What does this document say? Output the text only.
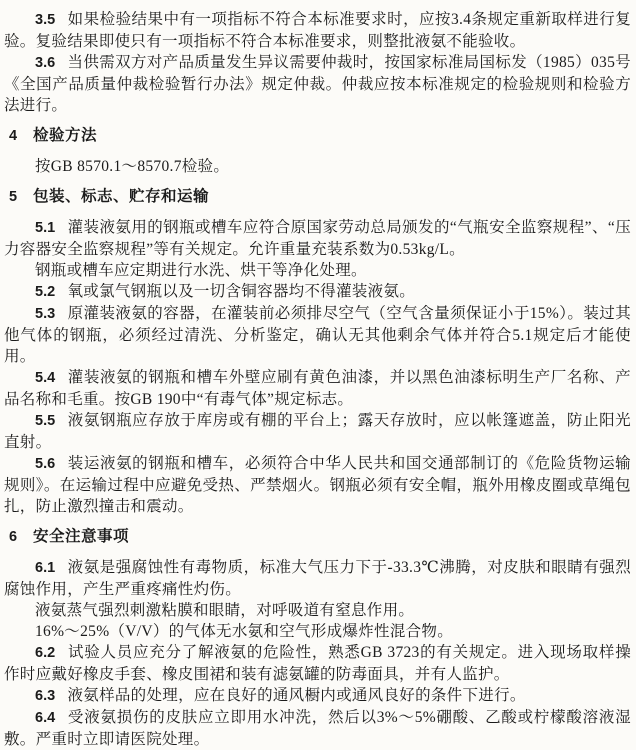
3.5 如果检验结果中有一项指标不符合本标准要求时，应按3.4条规定重新取样进行复验。复验结果即使只有一项指标不符合本标准要求，则整批液氨不能验收。

3.6 当供需双方对产品质量发生异议需要仲裁时，按国家标准局国标发（1985）035号《全国产品质量仲裁检验暂行办法》规定仲裁。仲裁应按本标准规定的检验规则和检验方法进行。

4 检验方法

按GB 8570.1～8570.7检验。

5 包装、标志、贮存和运输

5.1 灌装液氨用的钢瓶或槽车应符合原国家劳动总局颁发的“气瓶安全监察规程”、“压力容器安全监察规程”等有关规定。允许重量充装系数为0.53kg/L。

钢瓶或槽车应定期进行水洗、烘干等净化处理。

5.2 氧或氯气钢瓶以及一切含铜容器均不得灌装液氨。

5.3 原灌装液氨的容器，在灌装前必须排尽空气（空气含量须保证小于15%）。装过其他气体的钢瓶，必须经过清洗、分析鉴定，确认无其他剩余气体并符合5.1规定后才能使用。

5.4 灌装液氨的钢瓶和槽车外壁应刷有黄色油漆，并以黑色油漆标明生产厂名称、产品名称和毛重。按GB 190中“有毒气体”规定标志。

5.5 液氨钢瓶应存放于库房或有棚的平台上；露天存放时，应以帐篷遮盖，防止阳光直射。

5.6 装运液氨的钢瓶和槽车，必须符合中华人民共和国交通部制订的《危险货物运输规则》。在运输过程中应避免受热、严禁烟火。钢瓶必须有安全帽，瓶外用橡皮圈或草绳包扎，防止激烈撞击和震动。

6 安全注意事项

6.1 液氨是强腐蚀性有毒物质，标准大气压力下于-33.3℃沸腾，对皮肤和眼睛有强烈腐蚀作用，产生严重疼痛性灼伤。

液氨蒸气强烈刺激粘膜和眼睛，对呼吸道有窒息作用。

16%～25%（V/V）的气体无水氨和空气形成爆炸性混合物。

6.2 试验人员应充分了解液氨的危险性，熟悉GB 3723的有关规定。进入现场取样操作时应戴好橡皮手套、橡皮围裙和装有滤氨罐的防毒面具，并有人监护。

6.3 液氨样品的处理，应在良好的通风橱内或通风良好的条件下进行。

6.4 受液氨损伤的皮肤应立即用水冲洗，然后以3%～5%硼酸、乙酸或柠檬酸溶液湿敷。严重时立即请医院处理。
